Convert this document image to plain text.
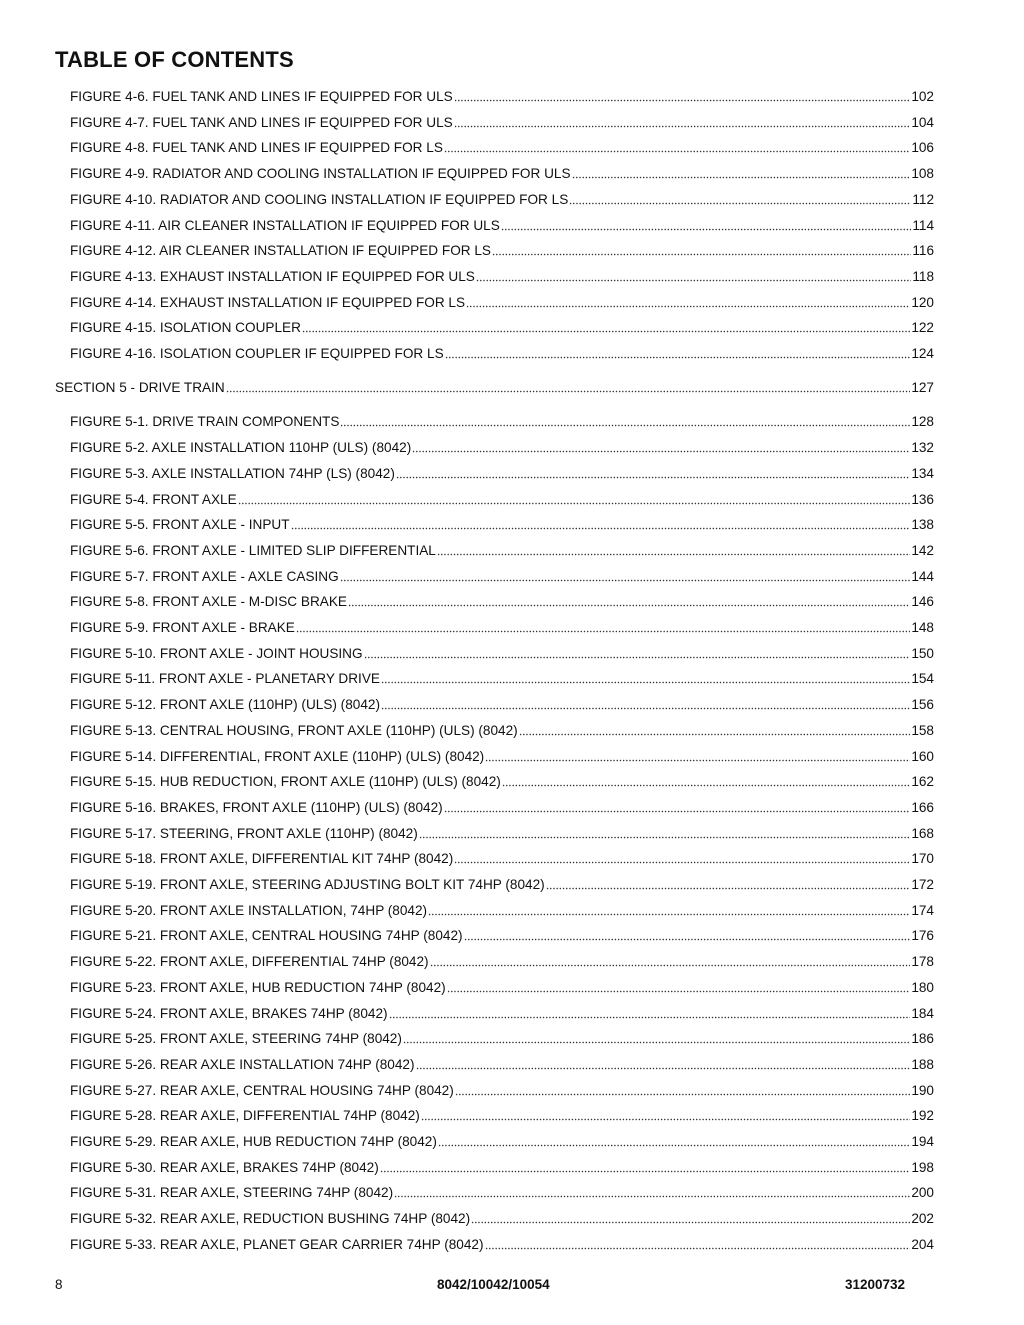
TABLE OF CONTENTS
FIGURE 4-6. FUEL TANK AND LINES IF EQUIPPED FOR ULS	102
FIGURE 4-7. FUEL TANK AND LINES IF EQUIPPED FOR ULS	104
FIGURE 4-8. FUEL TANK AND LINES IF EQUIPPED FOR LS	106
FIGURE 4-9. RADIATOR AND COOLING INSTALLATION IF EQUIPPED FOR ULS	108
FIGURE 4-10. RADIATOR AND COOLING INSTALLATION IF EQUIPPED FOR LS	112
FIGURE 4-11. AIR CLEANER INSTALLATION IF EQUIPPED FOR ULS	114
FIGURE 4-12. AIR CLEANER INSTALLATION IF EQUIPPED FOR LS	116
FIGURE 4-13. EXHAUST INSTALLATION IF EQUIPPED FOR ULS	118
FIGURE 4-14. EXHAUST INSTALLATION IF EQUIPPED FOR LS	120
FIGURE 4-15. ISOLATION COUPLER	122
FIGURE 4-16. ISOLATION COUPLER IF EQUIPPED FOR LS	124
SECTION 5 - DRIVE TRAIN	127
FIGURE 5-1. DRIVE TRAIN COMPONENTS	128
FIGURE 5-2. AXLE INSTALLATION 110HP (ULS) (8042)	132
FIGURE 5-3. AXLE INSTALLATION 74HP (LS) (8042)	134
FIGURE 5-4. FRONT AXLE	136
FIGURE 5-5. FRONT AXLE - INPUT	138
FIGURE 5-6. FRONT AXLE - LIMITED SLIP DIFFERENTIAL	142
FIGURE 5-7. FRONT AXLE - AXLE CASING	144
FIGURE 5-8. FRONT AXLE - M-DISC BRAKE	146
FIGURE 5-9. FRONT AXLE - BRAKE	148
FIGURE 5-10. FRONT AXLE - JOINT HOUSING	150
FIGURE 5-11. FRONT AXLE - PLANETARY DRIVE	154
FIGURE 5-12. FRONT AXLE (110HP) (ULS) (8042)	156
FIGURE 5-13. CENTRAL HOUSING, FRONT AXLE (110HP) (ULS) (8042)	158
FIGURE 5-14. DIFFERENTIAL, FRONT AXLE (110HP) (ULS) (8042)	160
FIGURE 5-15. HUB REDUCTION, FRONT AXLE (110HP) (ULS) (8042)	162
FIGURE 5-16. BRAKES, FRONT AXLE (110HP) (ULS) (8042)	166
FIGURE 5-17. STEERING, FRONT AXLE (110HP) (8042)	168
FIGURE 5-18. FRONT AXLE, DIFFERENTIAL KIT 74HP (8042)	170
FIGURE 5-19. FRONT AXLE, STEERING ADJUSTING BOLT KIT 74HP (8042)	172
FIGURE 5-20. FRONT AXLE INSTALLATION, 74HP (8042)	174
FIGURE 5-21. FRONT AXLE, CENTRAL HOUSING 74HP (8042)	176
FIGURE 5-22. FRONT AXLE, DIFFERENTIAL 74HP (8042)	178
FIGURE 5-23. FRONT AXLE, HUB REDUCTION 74HP (8042)	180
FIGURE 5-24. FRONT AXLE, BRAKES 74HP (8042)	184
FIGURE 5-25. FRONT AXLE, STEERING 74HP (8042)	186
FIGURE 5-26. REAR AXLE INSTALLATION 74HP (8042)	188
FIGURE 5-27. REAR AXLE, CENTRAL HOUSING 74HP (8042)	190
FIGURE 5-28. REAR AXLE, DIFFERENTIAL 74HP (8042)	192
FIGURE 5-29. REAR AXLE, HUB REDUCTION 74HP (8042)	194
FIGURE 5-30. REAR AXLE, BRAKES 74HP (8042)	198
FIGURE 5-31. REAR AXLE, STEERING 74HP (8042)	200
FIGURE 5-32. REAR AXLE, REDUCTION BUSHING 74HP (8042)	202
FIGURE 5-33. REAR AXLE, PLANET GEAR CARRIER 74HP (8042)	204
8	8042/10042/10054	31200732
